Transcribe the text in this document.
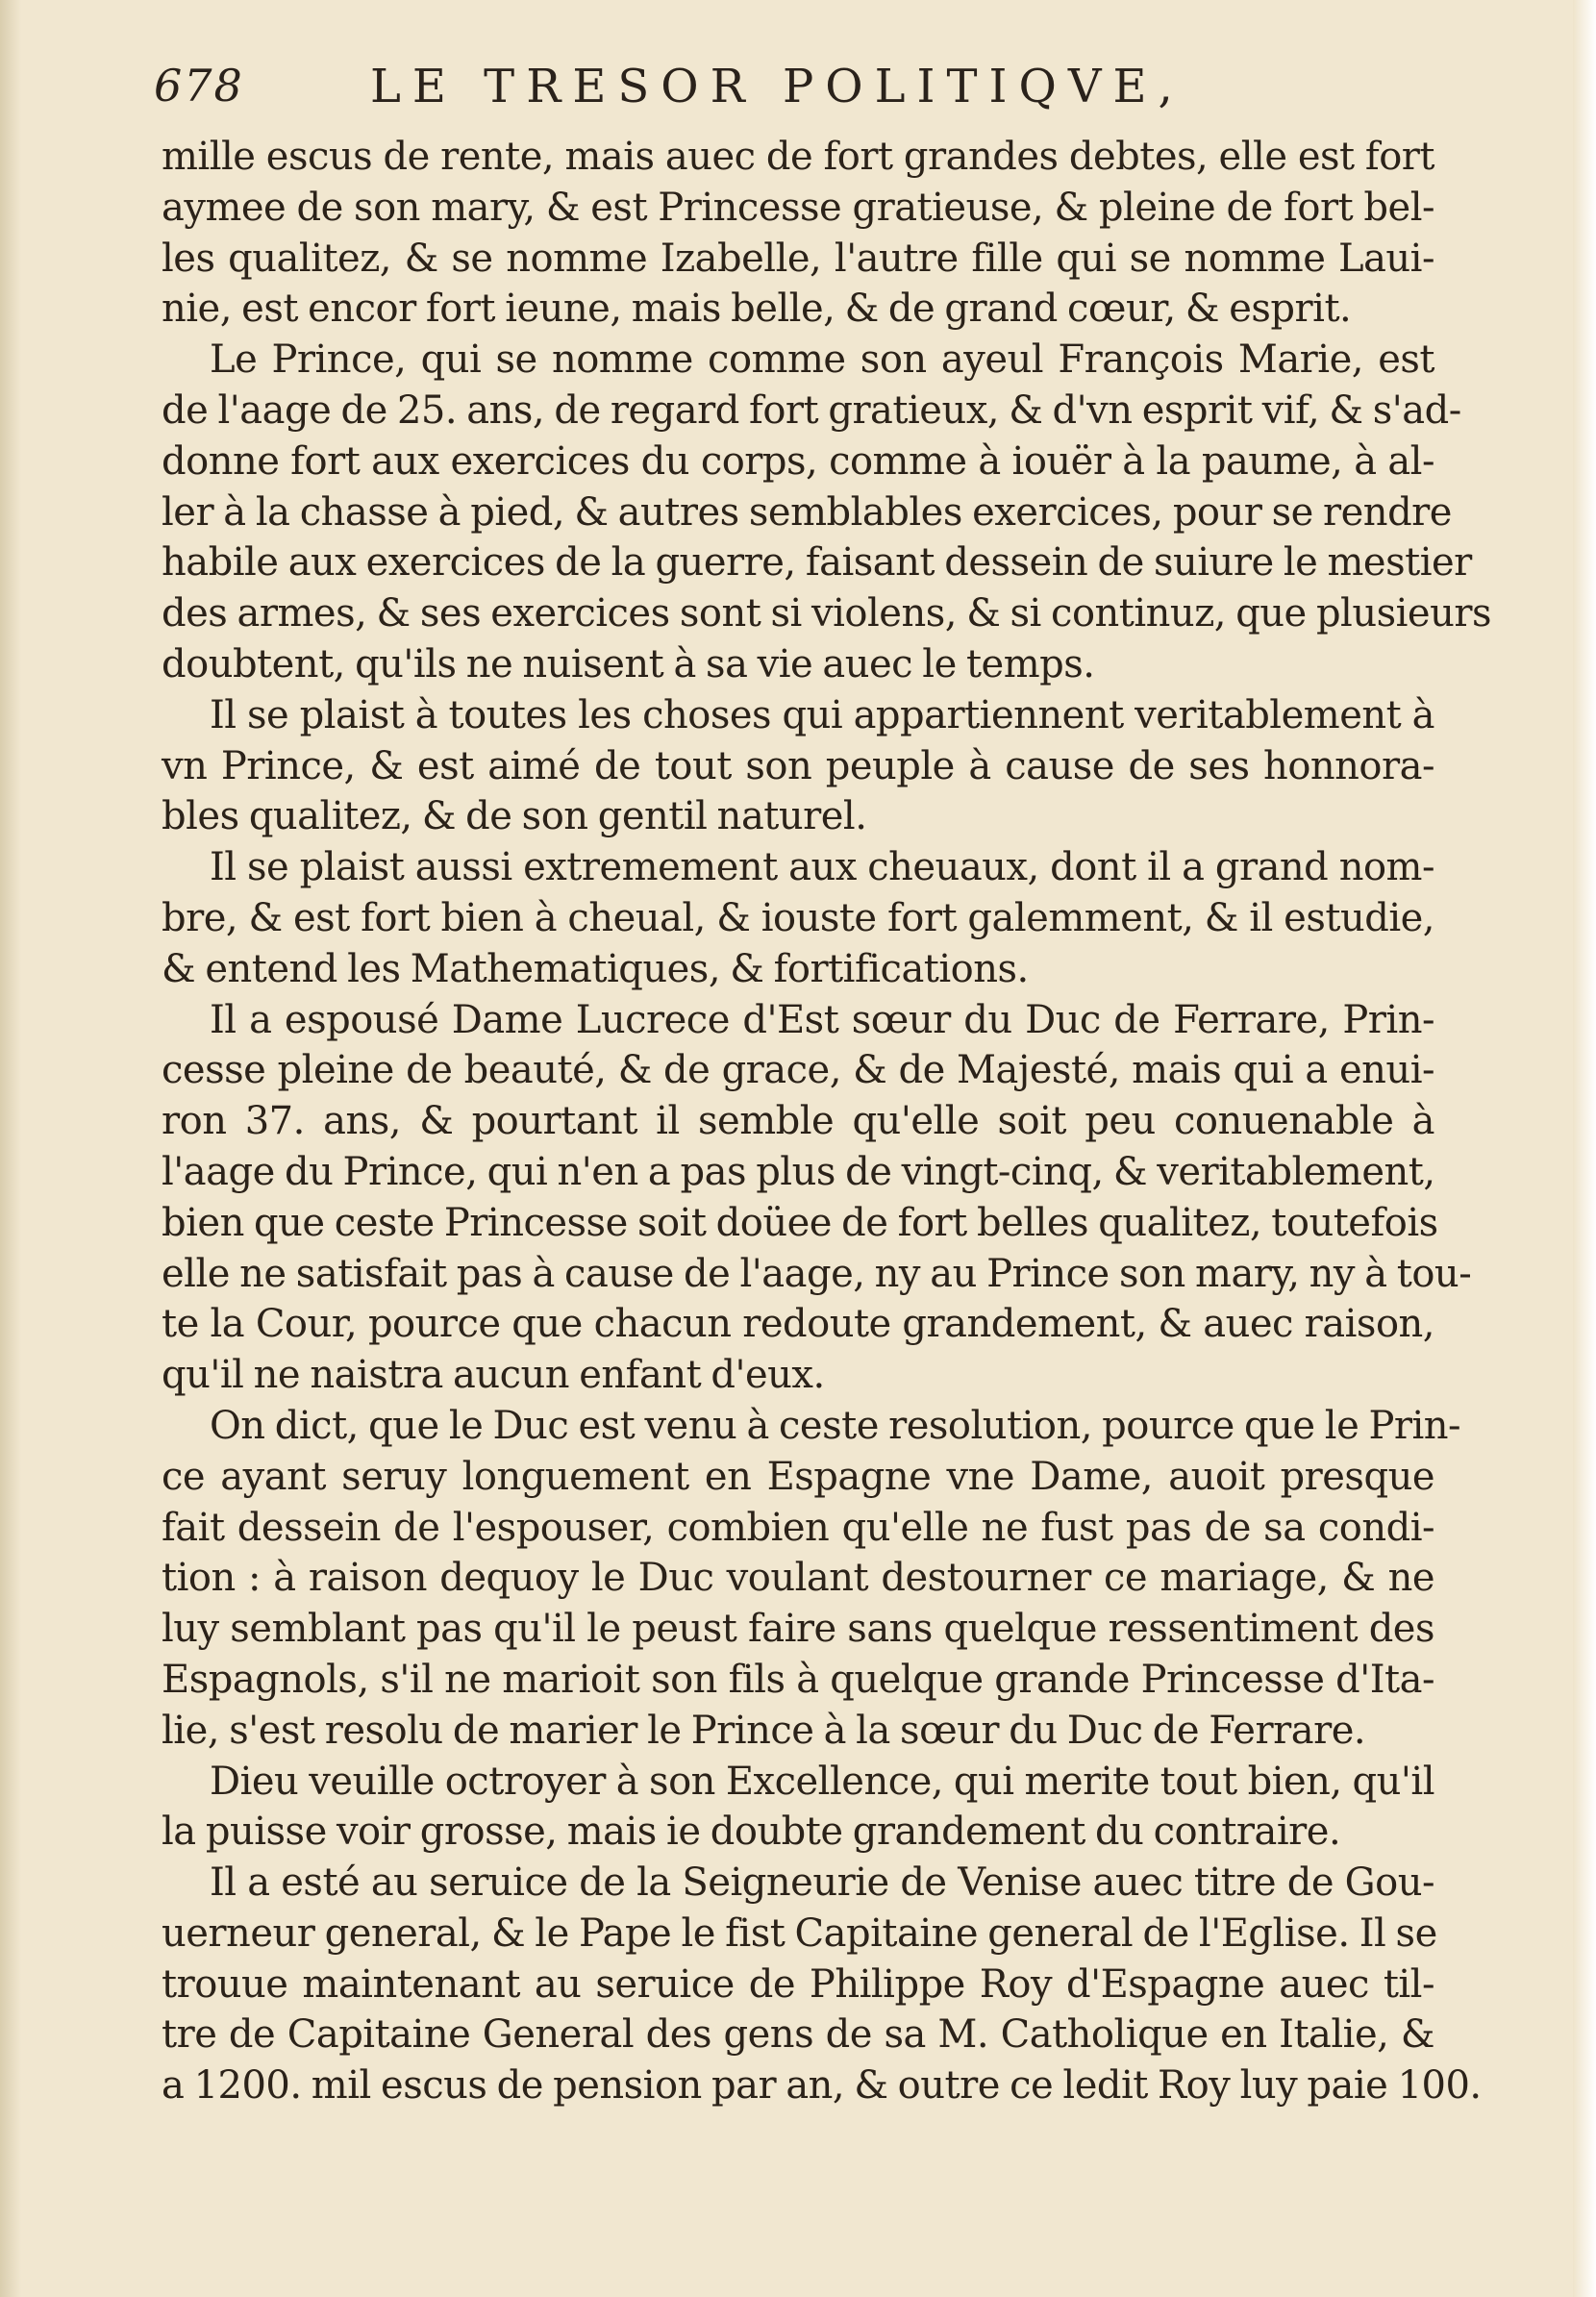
678	LE TRESOR POLITIQVE,
mille escus de rente, mais auec de fort grandes debtes, elle est fort
aymee de son mary, & est Princesse gratieuse, & pleine de fort bel-
les qualitez, & se nomme Izabelle, l'autre fille qui se nomme Laui-
nie, est encor fort ieune, mais belle, & de grand cœur, & esprit.
Le Prince, qui se nomme comme son ayeul François Marie, est
de l'aage de 25. ans, de regard fort gratieux, & d'vn esprit vif, & s'ad-
donne fort aux exercices du corps, comme à iouër à la paume, à al-
ler à la chasse à pied, & autres semblables exercices, pour se rendre
habile aux exercices de la guerre, faisant dessein de suiure le mestier
des armes, & ses exercices sont si violens, & si continuz, que plusieurs
doubtent, qu'ils ne nuisent à sa vie auec le temps.
Il se plaist à toutes les choses qui appartiennent veritablement à
vn Prince, & est aimé de tout son peuple à cause de ses honnora-
bles qualitez, & de son gentil naturel.
Il se plaist aussi extremement aux cheuaux, dont il a grand nom-
bre, & est fort bien à cheual, & iouste fort galemment, & il estudie,
& entend les Mathematiques, & fortifications.
Il a espousé Dame Lucrece d'Est sœur du Duc de Ferrare, Prin-
cesse pleine de beauté, & de grace, & de Majesté, mais qui a enui-
ron 37. ans, & pourtant il semble qu'elle soit peu conuenable à
l'aage du Prince, qui n'en a pas plus de vingt-cinq, & veritablement,
bien que ceste Princesse soit doüee de fort belles qualitez, toutefois
elle ne satisfait pas à cause de l'aage, ny au Prince son mary, ny à tou-
te la Cour, pource que chacun redoute grandement, & auec raison,
qu'il ne naistra aucun enfant d'eux.
On dict, que le Duc est venu à ceste resolution, pource que le Prin-
ce ayant seruy longuement en Espagne vne Dame, auoit presque
fait dessein de l'espouser, combien qu'elle ne fust pas de sa condi-
tion : à raison dequoy le Duc voulant destourner ce mariage, & ne
luy semblant pas qu'il le peust faire sans quelque ressentiment des
Espagnols, s'il ne marioit son fils à quelque grande Princesse d'Ita-
lie, s'est resolu de marier le Prince à la sœur du Duc de Ferrare.
Dieu veuille octroyer à son Excellence, qui merite tout bien, qu'il
la puisse voir grosse, mais ie doubte grandement du contraire.
Il a esté au seruice de la Seigneurie de Venise auec titre de Gou-
uerneur general, & le Pape le fist Capitaine general de l'Eglise. Il se
trouue maintenant au seruice de Philippe Roy d'Espagne auec til-
tre de Capitaine General des gens de sa M. Catholique en Italie, &
a 1200. mil escus de pension par an, & outre ce ledit Roy luy paie 100.
